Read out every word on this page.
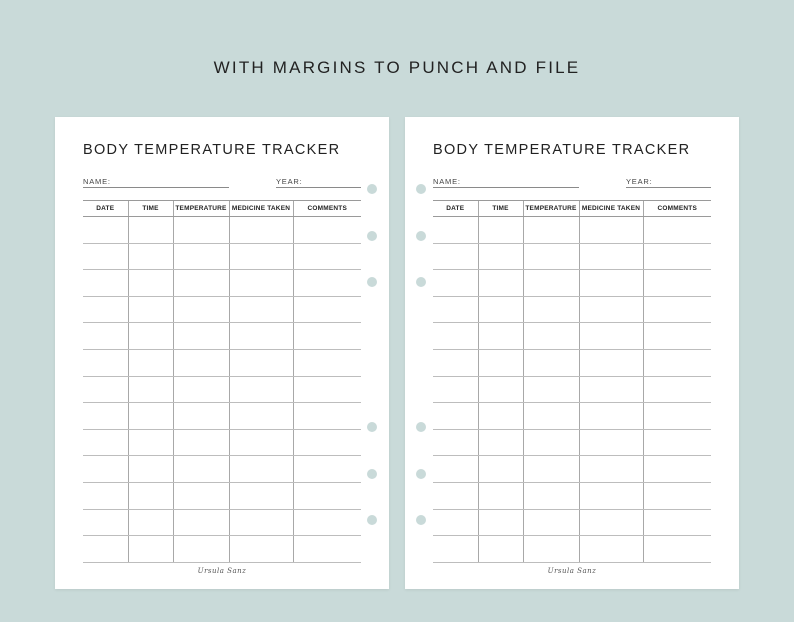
WITH MARGINS TO PUNCH AND FILE
BODY TEMPERATURE TRACKER
NAME:	YEAR:
DATE	TIME	TEMPERATURE	MEDICINE TAKEN	COMMENTS

Ursula Sanz
BODY TEMPERATURE TRACKER
NAME:	YEAR:
DATE	TIME	TEMPERATURE	MEDICINE TAKEN	COMMENTS

Ursula Sanz
